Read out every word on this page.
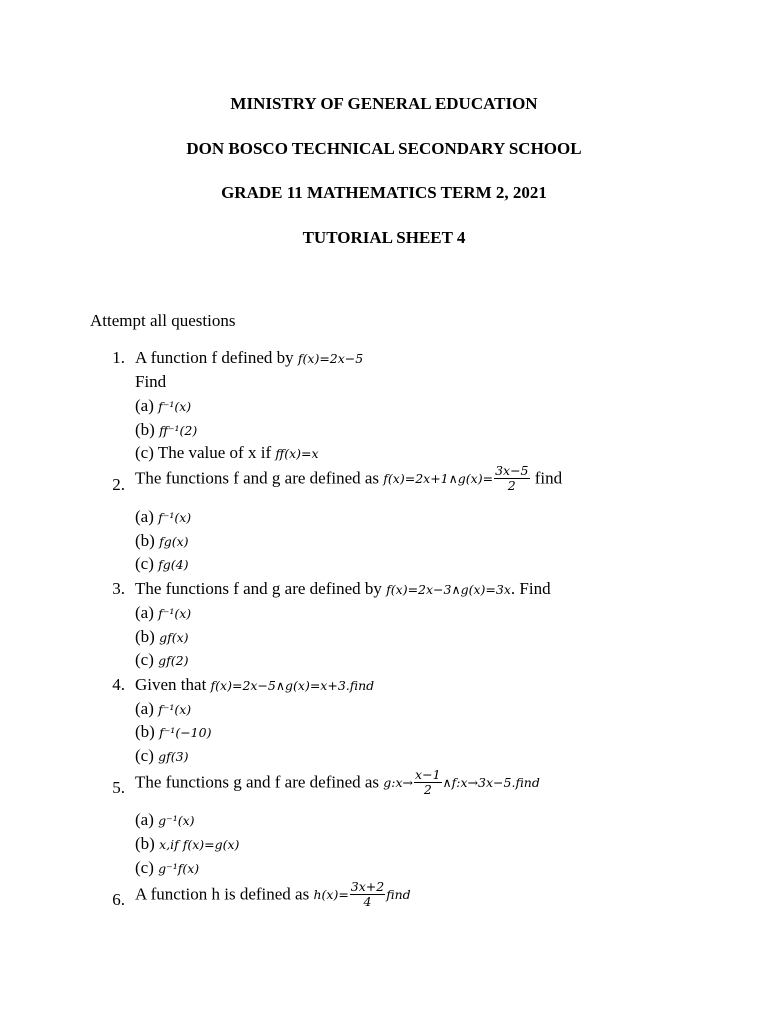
MINISTRY OF GENERAL EDUCATION
DON BOSCO TECHNICAL SECONDARY SCHOOL
GRADE 11 MATHEMATICS TERM 2, 2021
TUTORIAL SHEET 4
Attempt all questions
1. A function f defined by f(x)=2x−5
Find
(a) f⁻¹(x)
(b) ff⁻¹(2)
(c) The value of x if ff(x)=x
2. The functions f and g are defined as f(x)=2x+1∧g(x)= $\frac{3x-5}{2}$ find
(a) f⁻¹(x)
(b) fg(x)
(c) fg(4)
3. The functions f and g are defined by f(x)=2x−3∧g(x)=3x. Find
(a) f⁻¹(x)
(b) gf(x)
(c) gf(2)
4. Given that f(x)=2x−5∧g(x)=x+3.find
(a) f⁻¹(x)
(b) f⁻¹(−10)
(c) gf(3)
5. The functions g and f are defined as g:x→ $\frac{x-1}{2}$ ∧f:x→3x−5.find
(a) g⁻¹(x)
(b) x,if f(x)=g(x)
(c) g⁻¹f(x)
6. A function h is defined as $h(x)= \frac{3x+2}{4}$ find
